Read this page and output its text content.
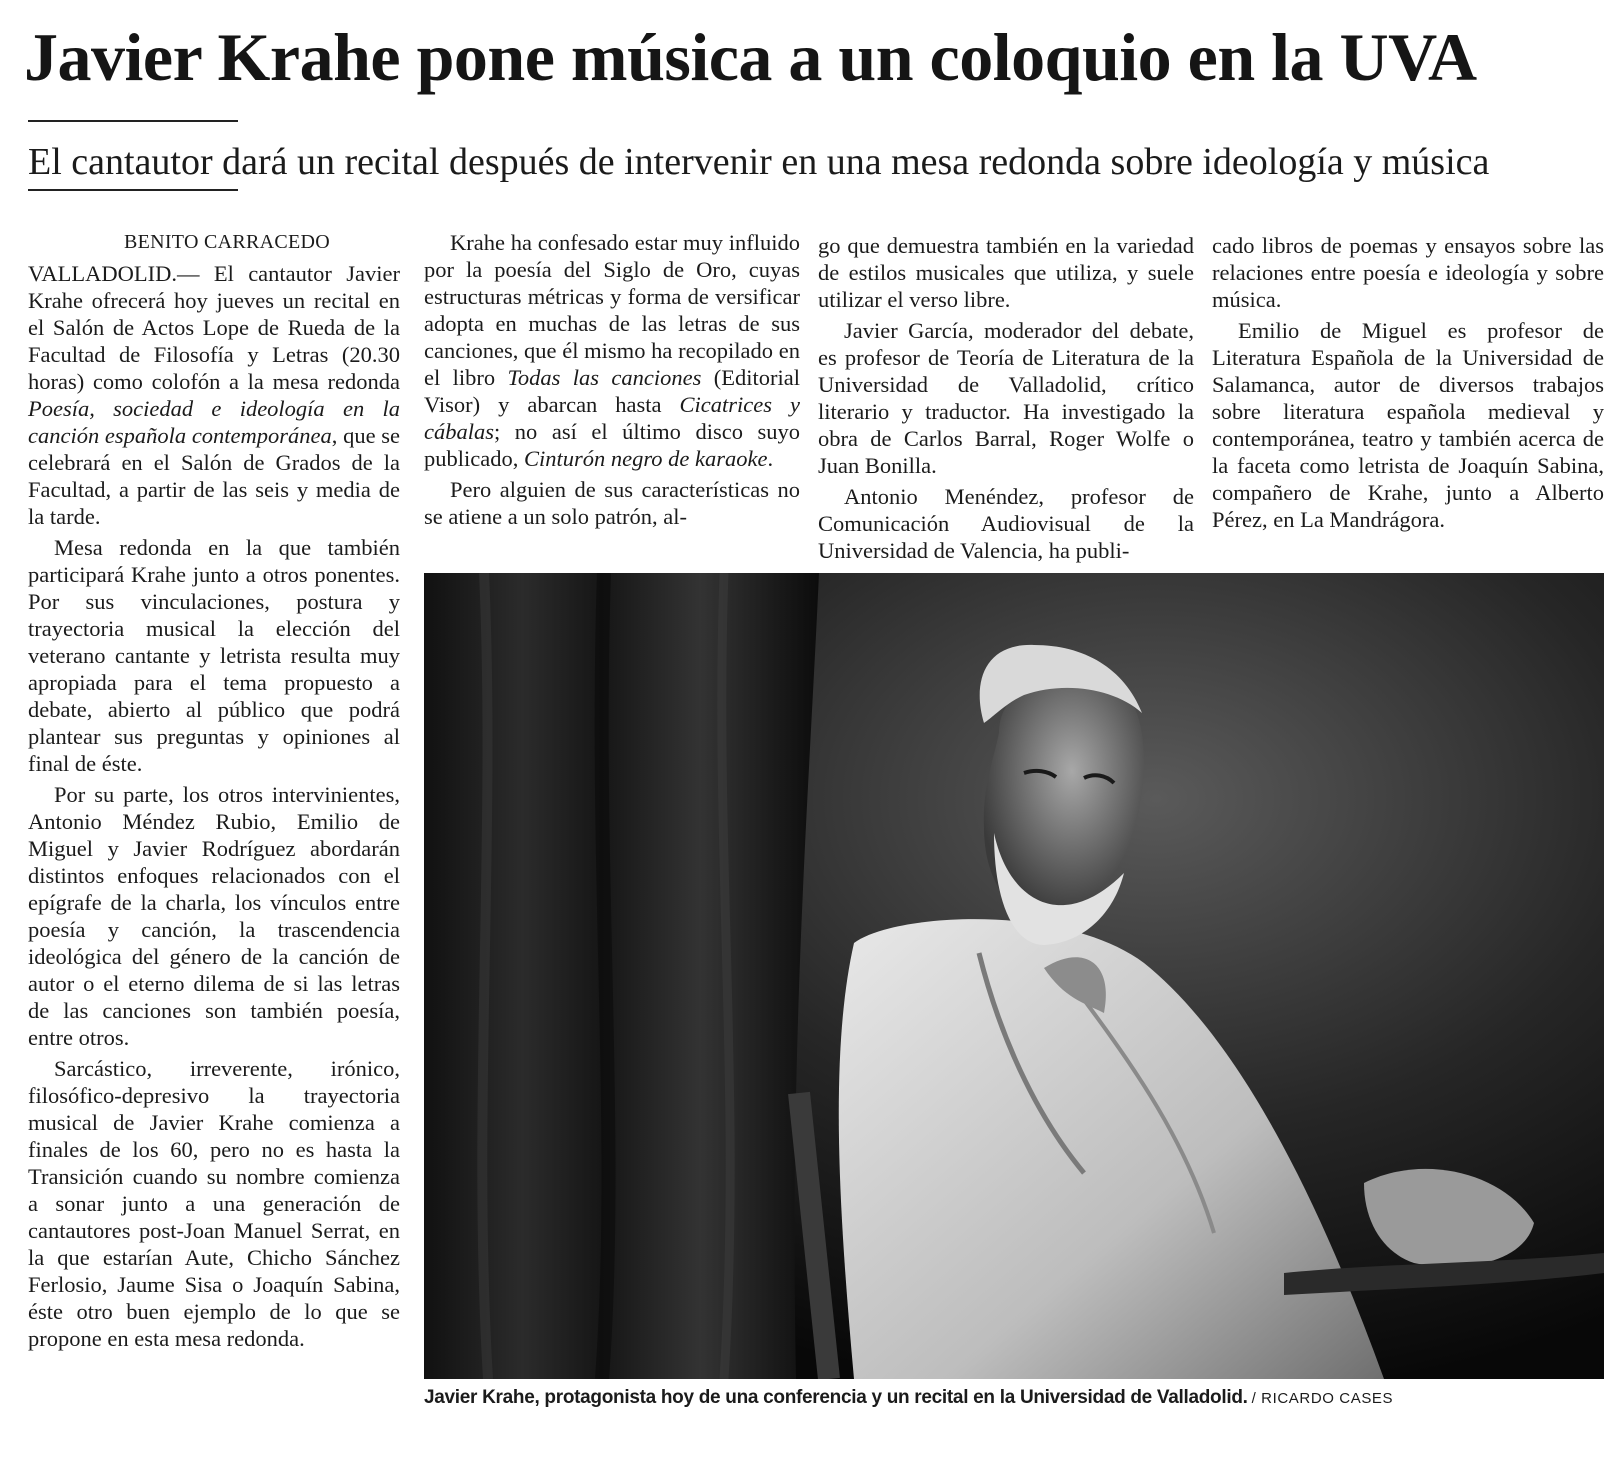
Javier Krahe pone música a un coloquio en la UVA
El cantautor dará un recital después de intervenir en una mesa redonda sobre ideología y música

BENITO CARRACEDO

VALLADOLID.— El cantautor Javier Krahe ofrecerá hoy jueves un recital en el Salón de Actos Lope de Rueda de la Facultad de Filosofía y Letras (20.30 horas) como colofón a la mesa redonda Poesía, sociedad e ideología en la canción española contemporánea, que se celebrará en el Salón de Grados de la Facultad, a partir de las seis y media de la tarde.

Mesa redonda en la que también participará Krahe junto a otros ponentes. Por sus vinculaciones, postura y trayectoria musical la elección del veterano cantante y letrista resulta muy apropiada para el tema propuesto a debate, abierto al público que podrá plantear sus preguntas y opiniones al final de éste.

Por su parte, los otros intervinientes, Antonio Méndez Rubio, Emilio de Miguel y Javier Rodríguez abordarán distintos enfoques relacionados con el epígrafe de la charla, los vínculos entre poesía y canción, la trascendencia ideológica del género de la canción de autor o el eterno dilema de si las letras de las canciones son también poesía, entre otros.

Sarcástico, irreverente, irónico, filosófico-depresivo la trayectoria musical de Javier Krahe comienza a finales de los 60, pero no es hasta la Transición cuando su nombre comienza a sonar junto a una generación de cantautores post-Joan Manuel Serrat, en la que estarían Aute, Chicho Sánchez Ferlosio, Jaume Sisa o Joaquín Sabina, éste otro buen ejemplo de lo que se propone en esta mesa redonda.

Krahe ha confesado estar muy influido por la poesía del Siglo de Oro, cuyas estructuras métricas y forma de versificar adopta en muchas de las letras de sus canciones, que él mismo ha recopilado en el libro Todas las canciones (Editorial Visor) y abarcan hasta Cicatrices y cábalas; no así el último disco suyo publicado, Cinturón negro de karaoke.

Pero alguien de sus características no se atiene a un solo patrón, al-

go que demuestra también en la variedad de estilos musicales que utiliza, y suele utilizar el verso libre.

Javier García, moderador del debate, es profesor de Teoría de Literatura de la Universidad de Valladolid, crítico literario y traductor. Ha investigado la obra de Carlos Barral, Roger Wolfe o Juan Bonilla.

Antonio Menéndez, profesor de Comunicación Audiovisual de la Universidad de Valencia, ha publi-

cado libros de poemas y ensayos sobre las relaciones entre poesía e ideología y sobre música.

Emilio de Miguel es profesor de Literatura Española de la Universidad de Salamanca, autor de diversos trabajos sobre literatura española medieval y contemporánea, teatro y también acerca de la faceta como letrista de Joaquín Sabina, compañero de Krahe, junto a Alberto Pérez, en La Mandrágora.

Javier Krahe, protagonista hoy de una conferencia y un recital en la Universidad de Valladolid. / RICARDO CASES
